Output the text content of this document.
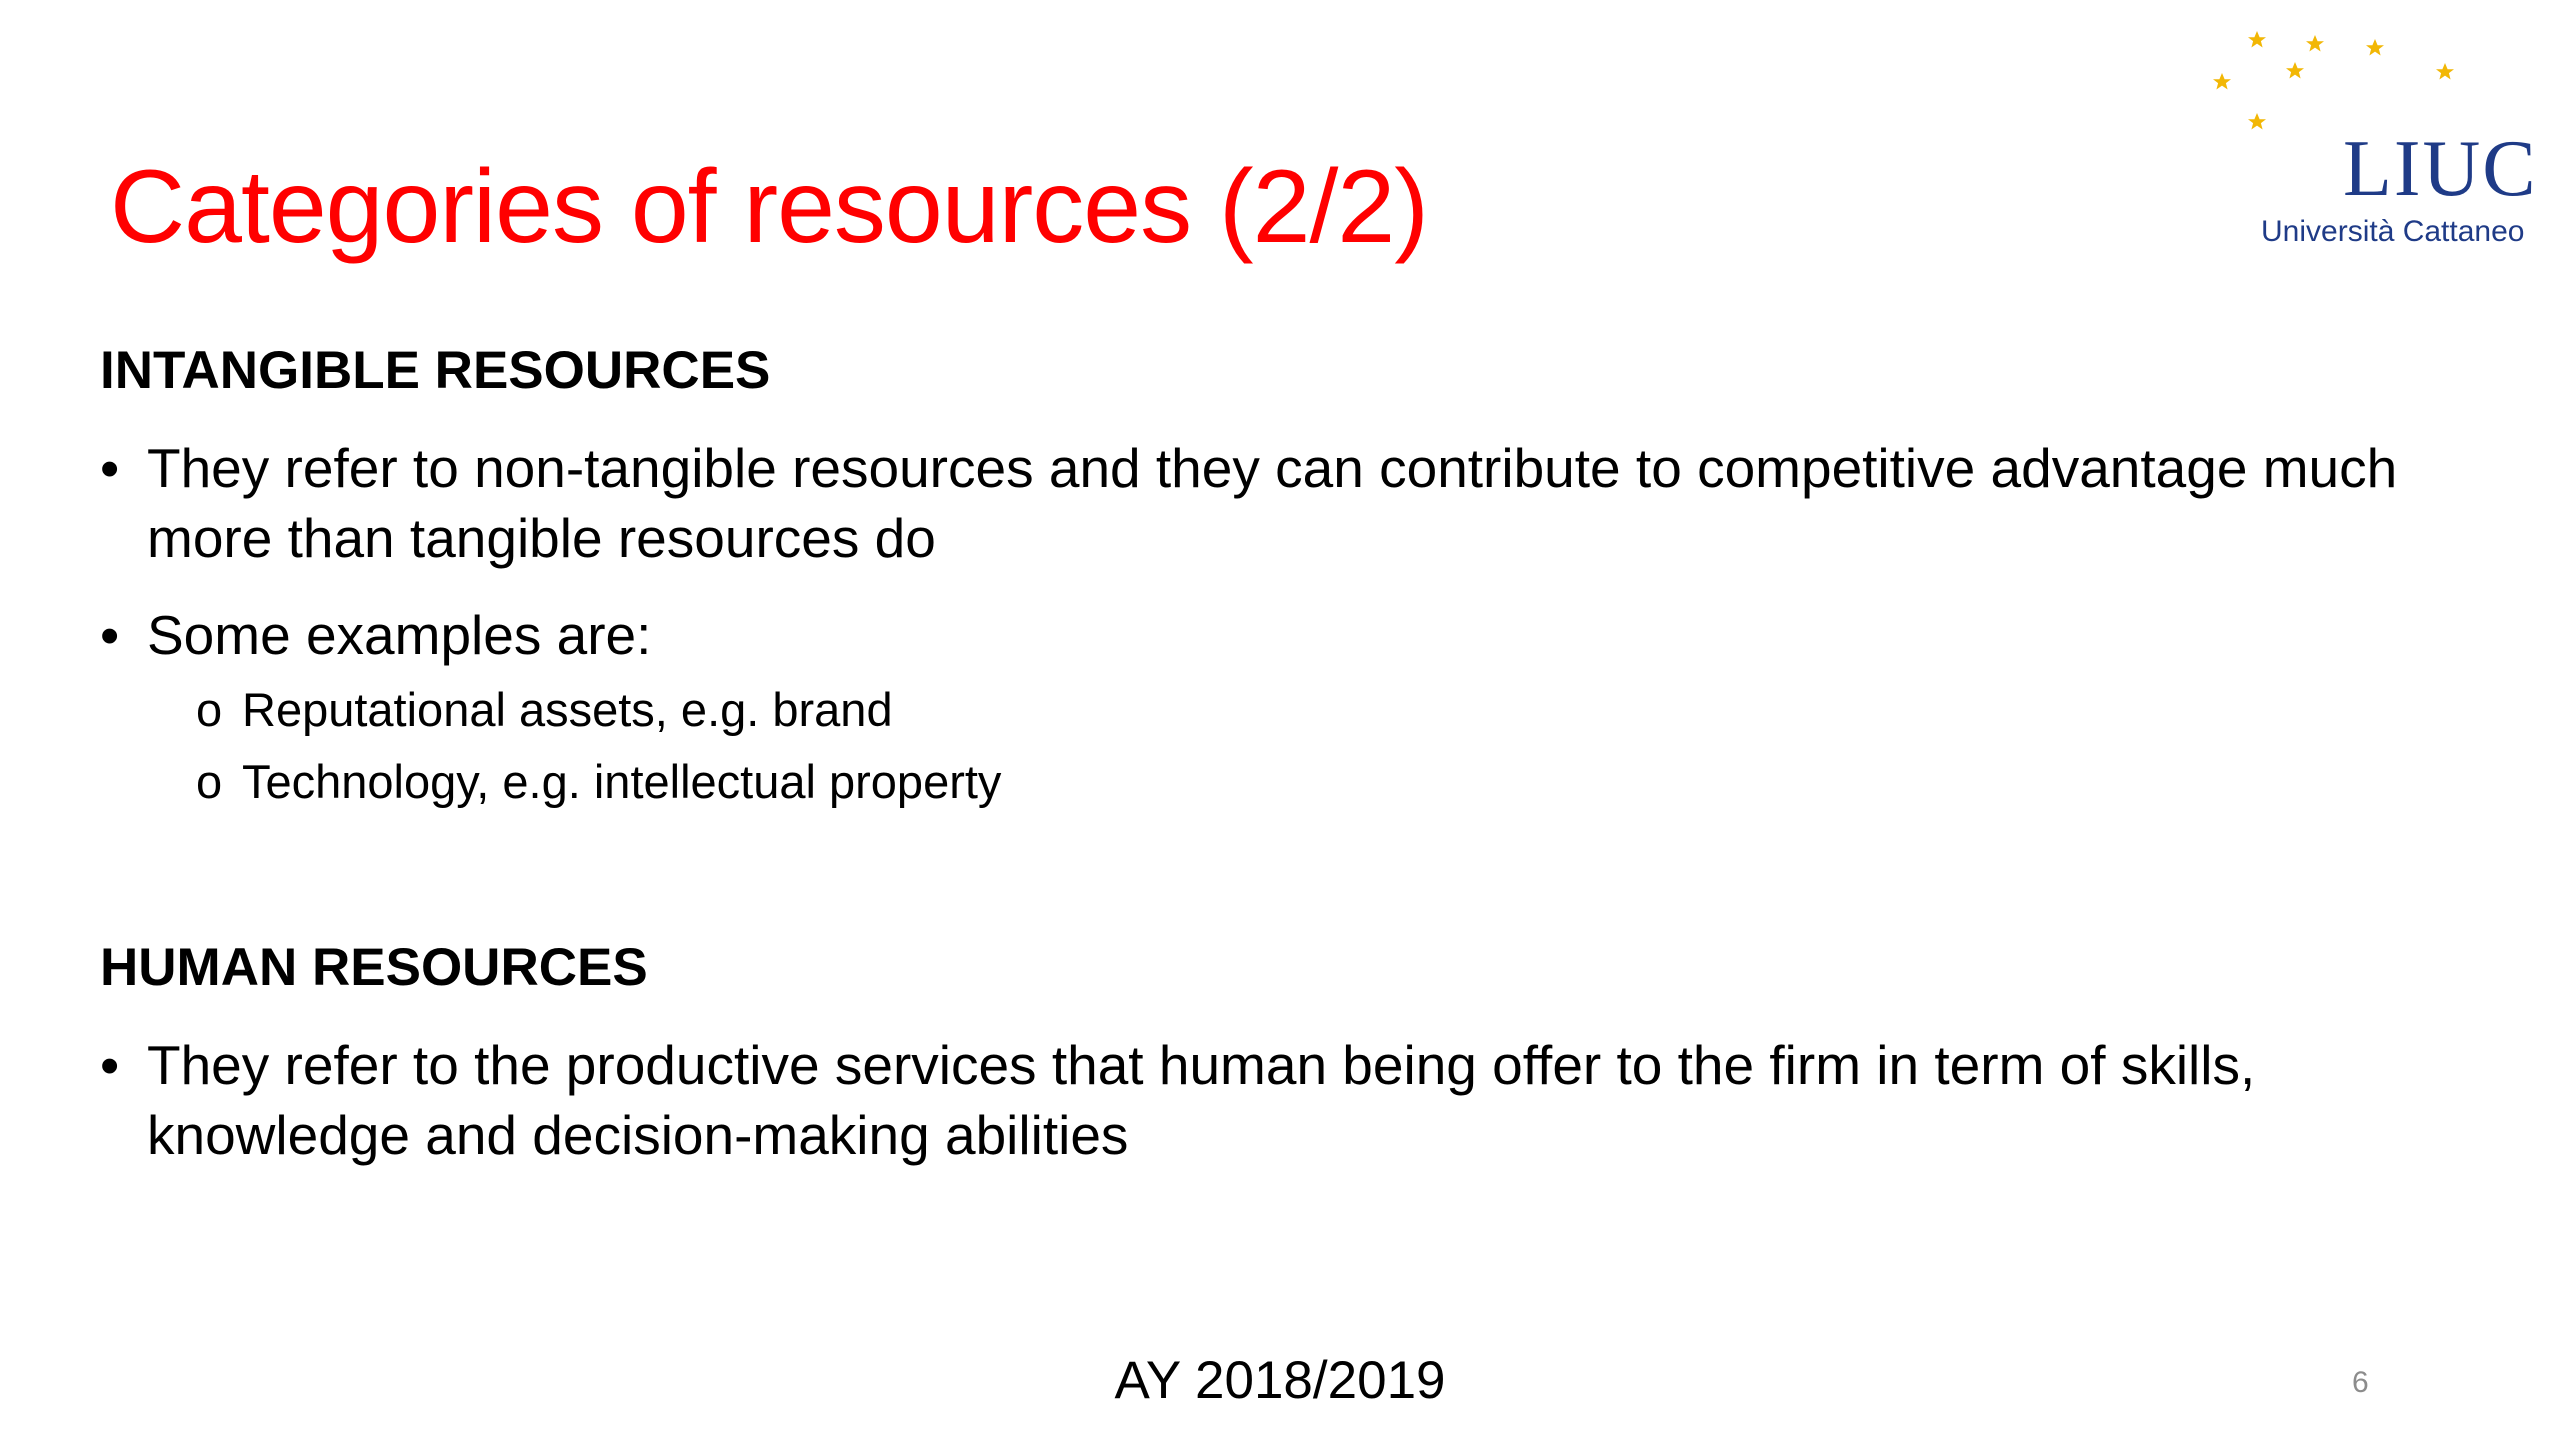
Categories of resources (2/2)	LIUC

Università Cattaneo

INTANGIBLE RESOURCES
• They refer to non-tangible resources and they can contribute to competitive advantage much more than tangible resources do
• Some examples are:
o Reputational assets, e.g. brand
o Technology, e.g. intellectual property
HUMAN RESOURCES
• They refer to the productive services that human being offer to the firm in term of skills, knowledge and decision-making abilities

AY 2018/2019	6
